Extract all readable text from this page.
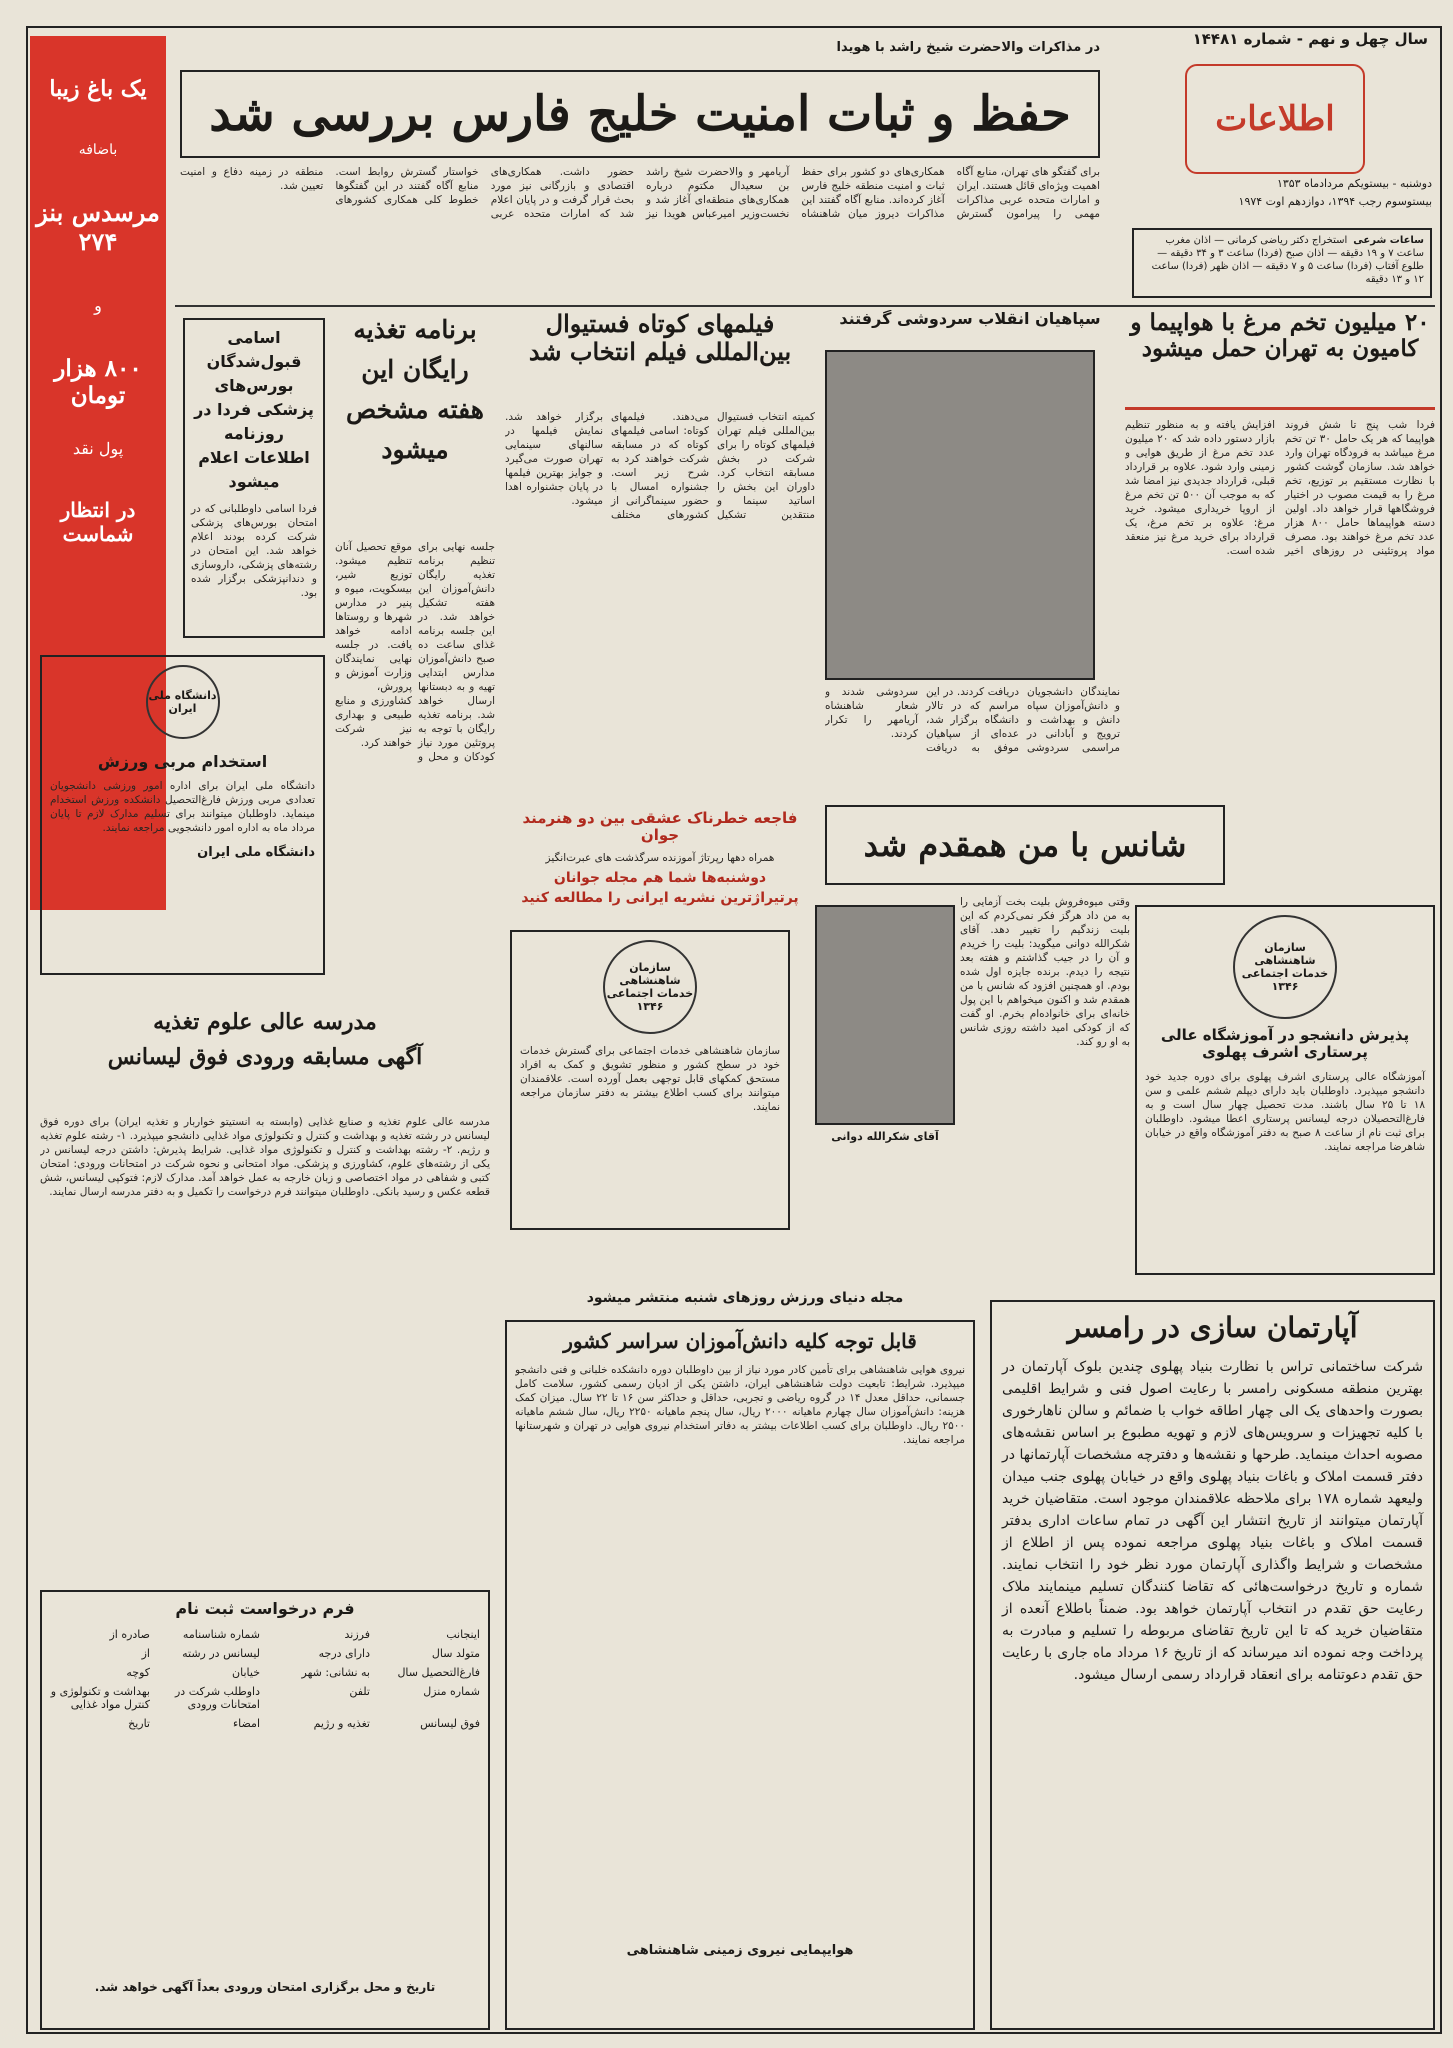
یک باغ زیبا
باضافه
مرسدس بنز ۲۷۴
و
۸۰۰ هزار تومان
پول نقد
در انتظار شماست
سال چهل و نهم - شماره ۱۴۴۸۱
اطلاعات
دوشنبه - بیستویکم مردادماه ۱۳۵۳
بیستوسوم رجب ۱۳۹۴، دوازدهم اوت ۱۹۷۴
ساعات شرعی
استخراج دکتر ریاضی کرمانی — اذان مغرب ساعت ۷ و ۱۹ دقیقه — اذان صبح (فردا) ساعت ۳ و ۳۴ دقیقه — طلوع آفتاب (فردا) ساعت ۵ و ۷ دقیقه — اذان ظهر (فردا) ساعت ۱۲ و ۱۳ دقیقه
در مذاکرات والاحضرت شیخ راشد با هویدا
حفظ و ثبات امنیت خلیج فارس بررسی شد
برای گفتگو های تهران، منابع آگاه اهمیت ویژه‌ای قائل هستند. ایران و امارات متحده عربی مذاکرات مهمی را پیرامون گسترش همکاری‌های دو کشور برای حفظ ثبات و امنیت منطقه خلیج فارس آغاز کرده‌اند. منابع آگاه گفتند این مذاکرات دیروز میان شاهنشاه آریامهر و والاحضرت شیخ راشد بن سعیدال مکتوم درباره همکاری‌های منطقه‌ای آغاز شد و نخست‌وزیر امیرعباس هویدا نیز حضور داشت. همکاری‌های اقتصادی و بازرگانی نیز مورد بحث قرار گرفت و در پایان اعلام شد که امارات متحده عربی خواستار گسترش روابط است. منابع آگاه گفتند در این گفتگوها خطوط کلی همکاری کشورهای منطقه در زمینه دفاع و امنیت تعیین شد.
۲۰ میلیون تخم مرغ با هواپیما و کامیون به تهران حمل میشود
فردا شب پنج تا شش فروند هواپیما که هر یک حامل ۳۰ تن تخم مرغ میباشد به فرودگاه تهران وارد خواهد شد. سازمان گوشت کشور با نظارت مستقیم بر توزیع، تخم مرغ را به قیمت مصوب در اختیار فروشگاهها قرار خواهد داد. اولین دسته هواپیماها حامل ۸۰۰ هزار عدد تخم مرغ خواهند بود. مصرف مواد پروتئینی در روزهای اخیر افزایش یافته و به منظور تنظیم بازار دستور داده شد که ۲۰ میلیون عدد تخم مرغ از طریق هوایی و زمینی وارد شود. علاوه بر قرارداد قبلی، قرارداد جدیدی نیز امضا شد که به موجب آن ۵۰۰ تن تخم مرغ از اروپا خریداری میشود. خرید مرغ: علاوه بر تخم مرغ، یک قرارداد برای خرید مرغ نیز منعقد شده است.
سپاهیان انقلاب سردوشی گرفتند
نمایندگان دانشجویان و دانش‌آموزان سپاه دانش و بهداشت و ترویج و آبادانی در مراسمی سردوشی دریافت کردند. در این مراسم که در تالار دانشگاه برگزار شد، عده‌ای از سپاهیان موفق به دریافت سردوشی شدند و شعار شاهنشاه آریامهر را تکرار کردند.
فیلمهای کوتاه فستیوال بین‌المللی فیلم انتخاب شد
کمیته انتخاب فستیوال بین‌المللی فیلم تهران فیلمهای کوتاه را برای شرکت در بخش مسابقه انتخاب کرد. داوران این بخش را اساتید سینما و منتقدین تشکیل می‌دهند. فیلمهای کوتاه: اسامی فیلمهای کوتاه که در مسابقه شرکت خواهند کرد به شرح زیر است. جشنواره امسال با حضور سینماگرانی از کشورهای مختلف برگزار خواهد شد. نمایش فیلمها در سالنهای سینمایی تهران صورت می‌گیرد و جوایز بهترین فیلمها در پایان جشنواره اهدا میشود.
برنامه تغذیه رایگان این هفته مشخص میشود
جلسه نهایی برای تنظیم برنامه تغذیه رایگان دانش‌آموزان این هفته تشکیل خواهد شد. در این جلسه برنامه غذای ساعت ده صبح دانش‌آموزان مدارس ابتدایی تهیه و به دبستانها ارسال خواهد شد. برنامه تغذیه رایگان با توجه به پروتئین مورد نیاز کودکان و محل و موقع تحصیل آنان تنظیم میشود. توزیع شیر، بیسکویت، میوه و پنیر در مدارس شهرها و روستاها ادامه خواهد یافت. در جلسه نهایی نمایندگان وزارت آموزش و پرورش، کشاورزی و منابع طبیعی و بهداری نیز شرکت خواهند کرد.
اسامی قبول‌شدگان بورس‌های پزشکی فردا در روزنامه اطلاعات اعلام میشود
فردا اسامی داوطلبانی که در امتحان بورس‌های پزشکی شرکت کرده بودند اعلام خواهد شد. این امتحان در رشته‌های پزشکی، داروسازی و دندانپزشکی برگزار شده بود.
دانشگاه ملی ایران
استخدام مربی ورزش
دانشگاه ملی ایران برای اداره امور ورزشی دانشجویان تعدادی مربی ورزش فارغ‌التحصیل دانشکده ورزش استخدام مینماید. داوطلبان میتوانند برای تسلیم مدارک لازم تا پایان مرداد ماه به اداره امور دانشجویی مراجعه نمایند.
دانشگاه ملی ایران
فاجعه خطرناک عشقی بین دو هنرمند جوان
همراه دهها رپرتاژ آموزنده سرگذشت های عبرت‌انگیز
دوشنبه‌ها شما هم مجله جوانان
پرتیراژترین نشریه ایرانی را مطالعه کنید
شانس با من همقدم شد
آقای شکرالله دوانی
وقتی میوه‌فروش بلیت بخت آزمایی را به من داد هرگز فکر نمی‌کردم که این بلیت زندگیم را تغییر دهد. آقای شکرالله دوانی میگوید: بلیت را خریدم و آن را در جیب گذاشتم و هفته بعد نتیجه را دیدم. برنده جایزه اول شده بودم. او همچنین افزود که شانس با من همقدم شد و اکنون میخواهم با این پول خانه‌ای برای خانواده‌ام بخرم. او گفت که از کودکی امید داشته روزی شانس به او رو کند.
سازمان شاهنشاهی خدمات اجتماعی ۱۳۴۶
سازمان شاهنشاهی خدمات اجتماعی برای گسترش خدمات خود در سطح کشور و منظور تشویق و کمک به افراد مستحق کمکهای قابل توجهی بعمل آورده است. علاقمندان میتوانند برای کسب اطلاع بیشتر به دفتر سازمان مراجعه نمایند.
سازمان شاهنشاهی خدمات اجتماعی ۱۳۴۶
پذیرش دانشجو در آموزشگاه عالی پرستاری اشرف پهلوی
آموزشگاه عالی پرستاری اشرف پهلوی برای دوره جدید خود دانشجو میپذیرد. داوطلبان باید دارای دیپلم ششم علمی و سن ۱۸ تا ۲۵ سال باشند. مدت تحصیل چهار سال است و به فارغ‌التحصیلان درجه لیسانس پرستاری اعطا میشود. داوطلبان برای ثبت نام از ساعت ۸ صبح به دفتر آموزشگاه واقع در خیابان شاهرضا مراجعه نمایند.
مجله دنیای ورزش روزهای شنبه منتشر میشود
مدرسه عالی علوم تغذیه
آگهی مسابقه ورودی فوق لیسانس
مدرسه عالی علوم تغذیه و صنایع غذایی (وابسته به انستیتو خواربار و تغذیه ایران) برای دوره فوق لیسانس در رشته تغذیه و بهداشت و کنترل و تکنولوژی مواد غذایی دانشجو میپذیرد. ۱- رشته علوم تغذیه و رژیم. ۲- رشته بهداشت و کنترل و تکنولوژی مواد غذایی. شرایط پذیرش: داشتن درجه لیسانس در یکی از رشته‌های علوم، کشاورزی و پزشکی. مواد امتحانی و نحوه شرکت در امتحانات ورودی: امتحان کتبی و شفاهی در مواد اختصاصی و زبان خارجه به عمل خواهد آمد. مدارک لازم: فتوکپی لیسانس، شش قطعه عکس و رسید بانکی. داوطلبان میتوانند فرم درخواست را تکمیل و به دفتر مدرسه ارسال نمایند.
فرم درخواست ثبت نام
اینجانب
فرزند
شماره شناسنامه
صادره از
متولد سال
دارای درجه
لیسانس در رشته
از
فارغ‌التحصیل سال
به نشانی: شهر
خیابان
کوچه
شماره منزل
تلفن
داوطلب شرکت در امتحانات ورودی
بهداشت و تکنولوژی و کنترل مواد غذایی
فوق لیسانس
تغذیه و رژیم
امضاء
تاریخ
تاریخ و محل برگزاری امتحان ورودی بعداً آگهی خواهد شد.
قابل توجه کلیه دانش‌آموزان سراسر کشور
نیروی هوایی شاهنشاهی برای تأمین کادر مورد نیاز از بین داوطلبان دوره دانشکده خلبانی و فنی دانشجو میپذیرد. شرایط: تابعیت دولت شاهنشاهی ایران، داشتن یکی از ادیان رسمی کشور، سلامت کامل جسمانی، حداقل معدل ۱۴ در گروه ریاضی و تجربی، حداقل و حداکثر سن ۱۶ تا ۲۲ سال. میزان کمک هزینه: دانش‌آموزان سال چهارم ماهیانه ۲۰۰۰ ریال، سال پنجم ماهیانه ۲۲۵۰ ریال، سال ششم ماهیانه ۲۵۰۰ ریال. داوطلبان برای کسب اطلاعات بیشتر به دفاتر استخدام نیروی هوایی در تهران و شهرستانها مراجعه نمایند.
هوایپمایی نیروی زمینی شاهنشاهی
آپارتمان سازی در رامسر
شرکت ساختمانی تراس با نظارت بنیاد پهلوی چندین بلوک آپارتمان در بهترین منطقه مسکونی رامسر با رعایت اصول فنی و شرایط اقلیمی بصورت واحدهای یک الی چهار اطاقه خواب با ضمائم و سالن ناهارخوری با کلیه تجهیزات و سرویس‌های لازم و تهویه مطبوع بر اساس نقشه‌های مصوبه احداث مینماید. طرحها و نقشه‌ها و دفترچه مشخصات آپارتمانها در دفتر قسمت املاک و باغات بنیاد پهلوی واقع در خیابان پهلوی جنب میدان ولیعهد شماره ۱۷۸ برای ملاحظه علاقمندان موجود است. متقاضیان خرید آپارتمان میتوانند از تاریخ انتشار این آگهی در تمام ساعات اداری بدفتر قسمت املاک و باغات بنیاد پهلوی مراجعه نموده پس از اطلاع از مشخصات و شرایط واگذاری آپارتمان مورد نظر خود را انتخاب نمایند. شماره و تاریخ درخواست‌هائی که تقاضا کنندگان تسلیم مینمایند ملاک رعایت حق تقدم در انتخاب آپارتمان خواهد بود. ضمناً باطلاع آنعده از متقاضیان خرید که تا این تاریخ تقاضای مربوطه را تسلیم و مبادرت به پرداخت وجه نموده اند میرساند که از تاریخ ۱۶ مرداد ماه جاری با رعایت حق تقدم دعوتنامه برای انعقاد قرارداد رسمی ارسال میشود.
